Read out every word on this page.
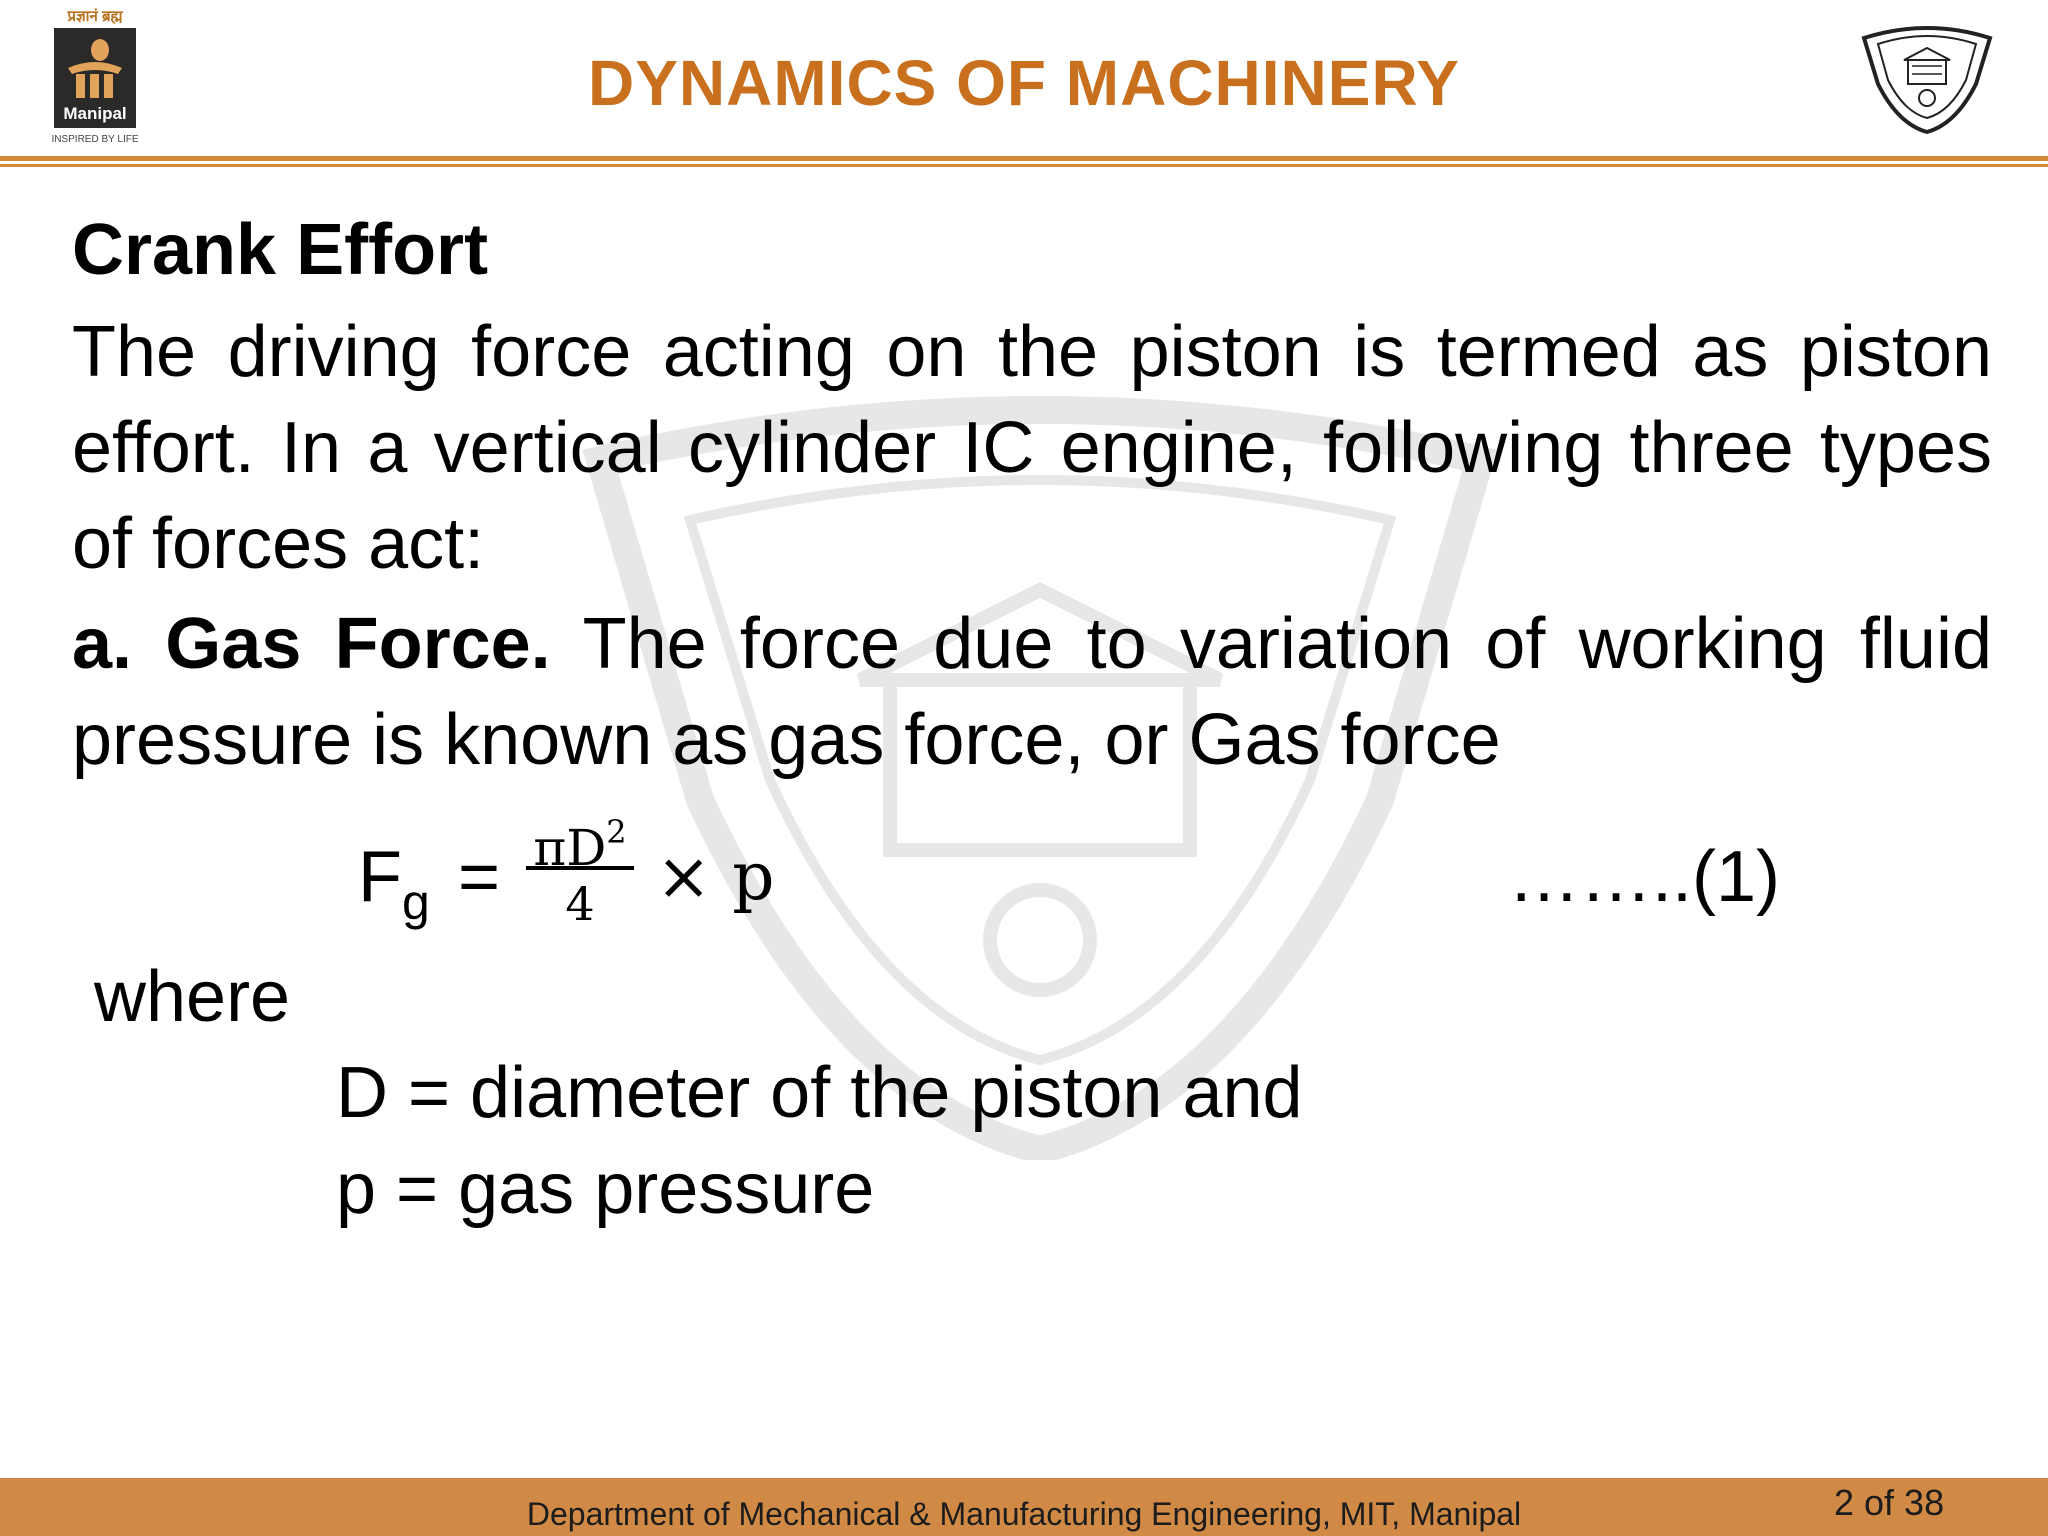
प्रज्ञानं ब्रह्म
Manipal
INSPIRED BY LIFE
DYNAMICS OF MACHINERY
Crank Effort

The driving force acting on the piston is termed as piston effort. In a vertical cylinder IC engine, following three types of forces act:

a. Gas Force. The force due to variation of working fluid pressure is known as gas force, or Gas force

$F_g = \pi D^2$
4 × p	……..(1)
where
D = diameter of the piston and
p = gas pressure
Department of Mechanical & Manufacturing Engineering, MIT, Manipal	2 of 38
